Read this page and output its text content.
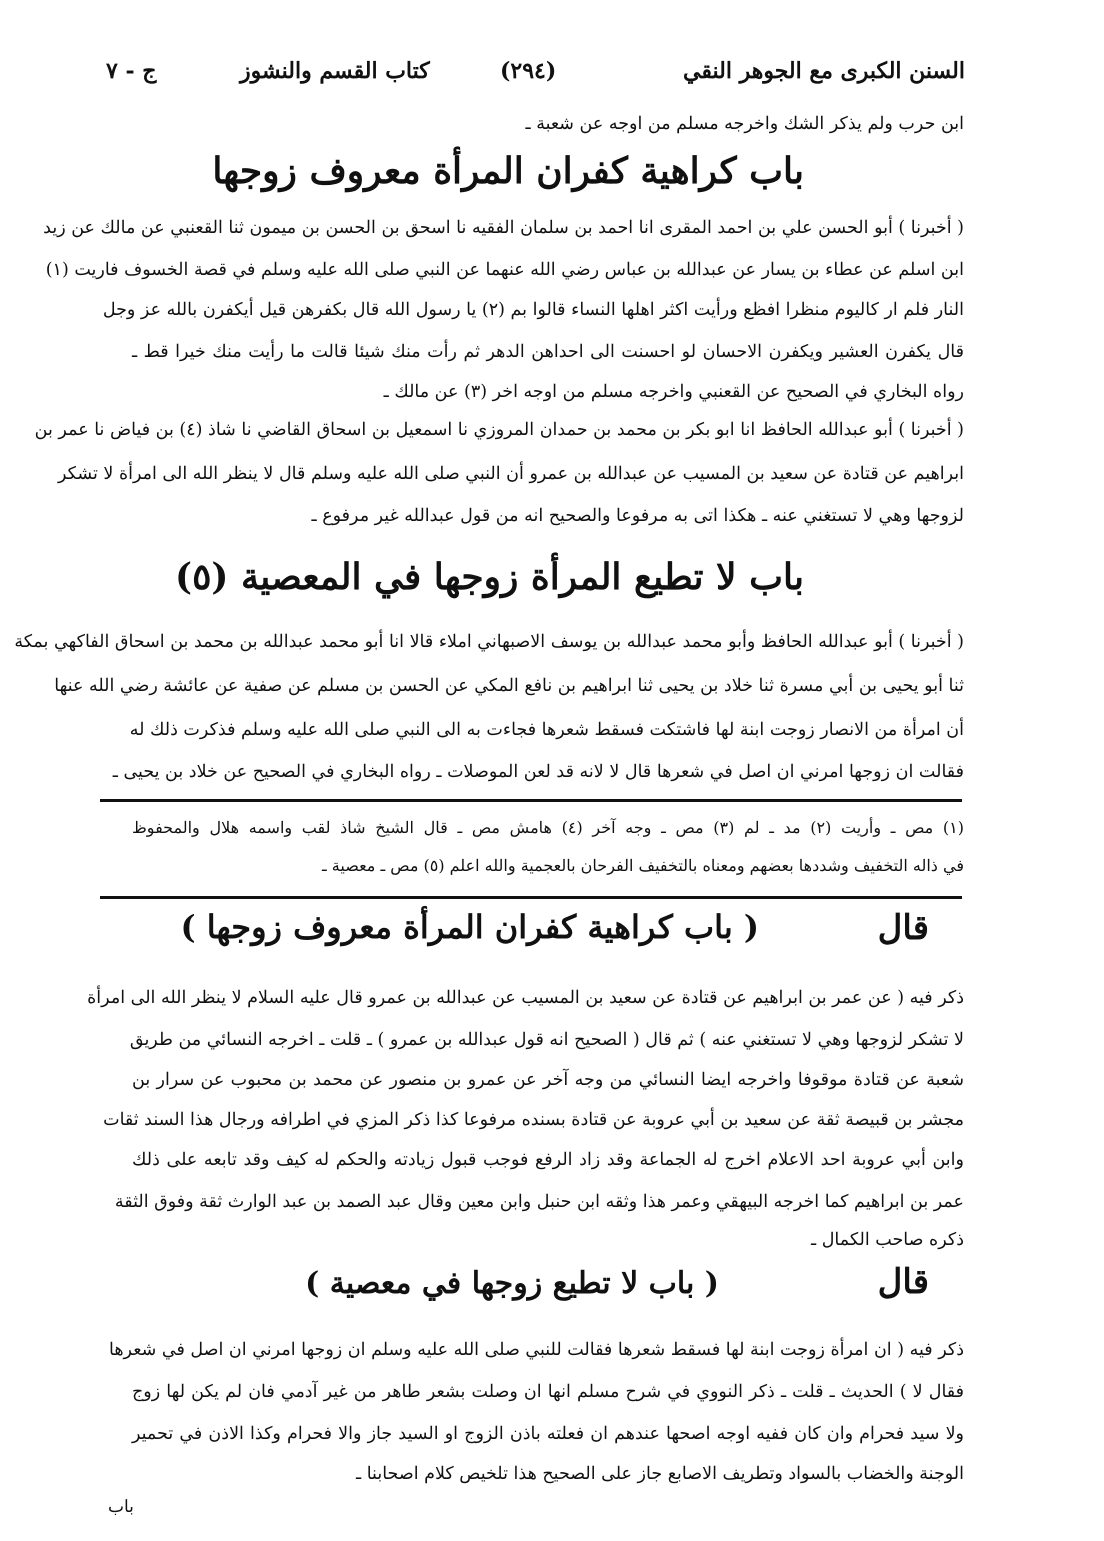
السنن الكبرى مع الجوهر النقي
(٢٩٤)
كتاب القسم والنشوز
ج - ٧
ابن حرب ولم يذكر الشك واخرجه مسلم من اوجه عن شعبة ـ
باب كراهية كفران المرأة معروف زوجها
( أخبرنا ) أبو الحسن علي بن احمد المقرى انا احمد بن سلمان الفقيه نا اسحق بن الحسن بن ميمون ثنا القعنبي عن مالك عن زيد
ابن اسلم عن عطاء بن يسار عن عبدالله بن عباس رضي الله عنهما عن النبي صلى الله عليه وسلم في قصة الخسوف فاريت (١)
النار فلم ار كاليوم منظرا افظع ورأيت اكثر اهلها النساء قالوا بم (٢) يا رسول الله قال بكفرهن قيل أيكفرن بالله عز وجل
قال يكفرن العشير ويكفرن الاحسان لو احسنت الى احداهن الدهر ثم رأت منك شيئا قالت ما رأيت منك خيرا قط ـ
رواه البخاري في الصحيح عن القعنبي واخرجه مسلم من اوجه اخر (٣) عن مالك ـ
( أخبرنا ) أبو عبدالله الحافظ انا ابو بكر بن محمد بن حمدان المروزي نا اسمعيل بن اسحاق القاضي نا شاذ (٤) بن فياض نا عمر بن
ابراهيم عن قتادة عن سعيد بن المسيب عن عبدالله بن عمرو أن النبي صلى الله عليه وسلم قال لا ينظر الله الى امرأة لا تشكر
لزوجها وهي لا تستغني عنه ـ هكذا اتى به مرفوعا والصحيح انه من قول عبدالله غير مرفوع ـ
باب لا تطيع المرأة زوجها في المعصية (٥)
( أخبرنا ) أبو عبدالله الحافظ وأبو محمد عبدالله بن يوسف الاصبهاني املاء قالا انا أبو محمد عبدالله بن محمد بن اسحاق الفاكهي بمكة
ثنا أبو يحيى بن أبي مسرة ثنا خلاد بن يحيى ثنا ابراهيم بن نافع المكي عن الحسن بن مسلم عن صفية عن عائشة رضي الله عنها
أن امرأة من الانصار زوجت ابنة لها فاشتكت فسقط شعرها فجاءت به الى النبي صلى الله عليه وسلم فذكرت ذلك له
فقالت ان زوجها امرني ان اصل في شعرها قال لا لانه قد لعن الموصلات ـ رواه البخاري في الصحيح عن خلاد بن يحيى ـ
(١) مص ـ وأريت (٢) مد ـ لم (٣) مص ـ وجه آخر (٤) هامش مص ـ قال الشيخ شاذ لقب واسمه هلال والمحفوظ
في ذاله التخفيف وشددها بعضهم ومعناه بالتخفيف الفرحان بالعجمية والله اعلم (٥) مص ـ معصية ـ
قال
( باب كراهية كفران المرأة معروف زوجها )
ذكر فيه ( عن عمر بن ابراهيم عن قتادة عن سعيد بن المسيب عن عبدالله بن عمرو قال عليه السلام لا ينظر الله الى امرأة
لا تشكر لزوجها وهي لا تستغني عنه ) ثم قال ( الصحيح انه قول عبدالله بن عمرو ) ـ قلت ـ اخرجه النسائي من طريق
شعبة عن قتادة موقوفا واخرجه ايضا النسائي من وجه آخر عن عمرو بن منصور عن محمد بن محبوب عن سرار بن
مجشر بن قبيصة ثقة عن سعيد بن أبي عروبة عن قتادة بسنده مرفوعا كذا ذكر المزي في اطرافه ورجال هذا السند ثقات
وابن أبي عروبة احد الاعلام اخرج له الجماعة وقد زاد الرفع فوجب قبول زيادته والحكم له كيف وقد تابعه على ذلك
عمر بن ابراهيم كما اخرجه البيهقي وعمر هذا وثقه ابن حنبل وابن معين وقال عبد الصمد بن عبد الوارث ثقة وفوق الثقة
ذكره صاحب الكمال ـ
قال
( باب لا تطيع زوجها في معصية )
ذكر فيه ( ان امرأة زوجت ابنة لها فسقط شعرها فقالت للنبي صلى الله عليه وسلم ان زوجها امرني ان اصل في شعرها
فقال لا ) الحديث ـ قلت ـ ذكر النووي في شرح مسلم انها ان وصلت بشعر طاهر من غير آدمي فان لم يكن لها زوج
ولا سيد فحرام وان كان ففيه اوجه اصحها عندهم ان فعلته باذن الزوج او السيد جاز والا فحرام وكذا الاذن في تحمير
الوجنة والخضاب بالسواد وتطريف الاصابع جاز على الصحيح هذا تلخيص كلام اصحابنا ـ
باب
